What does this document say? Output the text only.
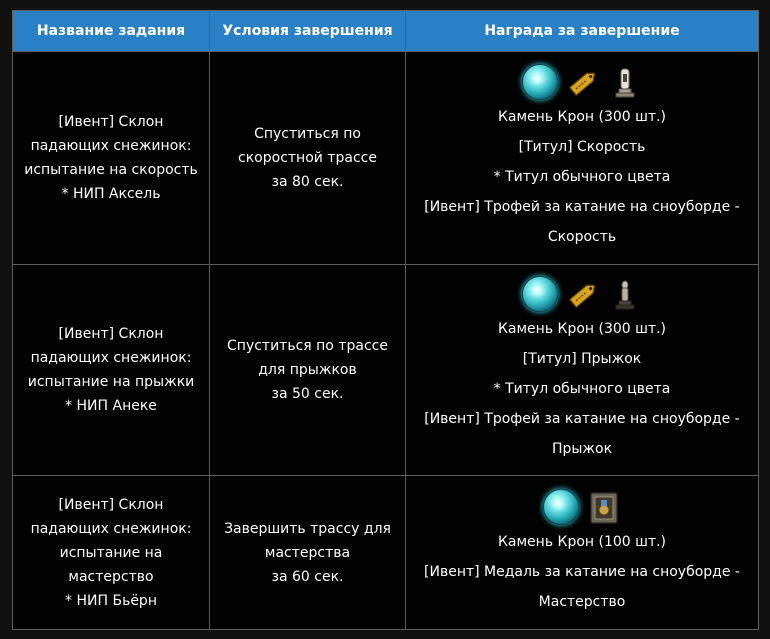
Название задания	Условия завершения	Награда за завершение

[Ивент] Склон
падающих снежинок:
испытание на скорость
* НИП Аксель	Спуститься по
скоростной трассе
за 80 сек.	Камень Крон (300 шт.)
[Титул] Скорость
* Титул обычного цвета
[Ивент] Трофей за катание на сноуборде -
Скорость

[Ивент] Склон
падающих снежинок:
испытание на прыжки
* НИП Анеке	Спуститься по трассе
для прыжков
за 50 сек.	Камень Крон (300 шт.)
[Титул] Прыжок
* Титул обычного цвета
[Ивент] Трофей за катание на сноуборде -
Прыжок

[Ивент] Склон
падающих снежинок:
испытание на
мастерство
* НИП Бьёрн	Завершить трассу для
мастерства
за 60 сек.	Камень Крон (100 шт.)
[Ивент] Медаль за катание на сноуборде -
Мастерство
